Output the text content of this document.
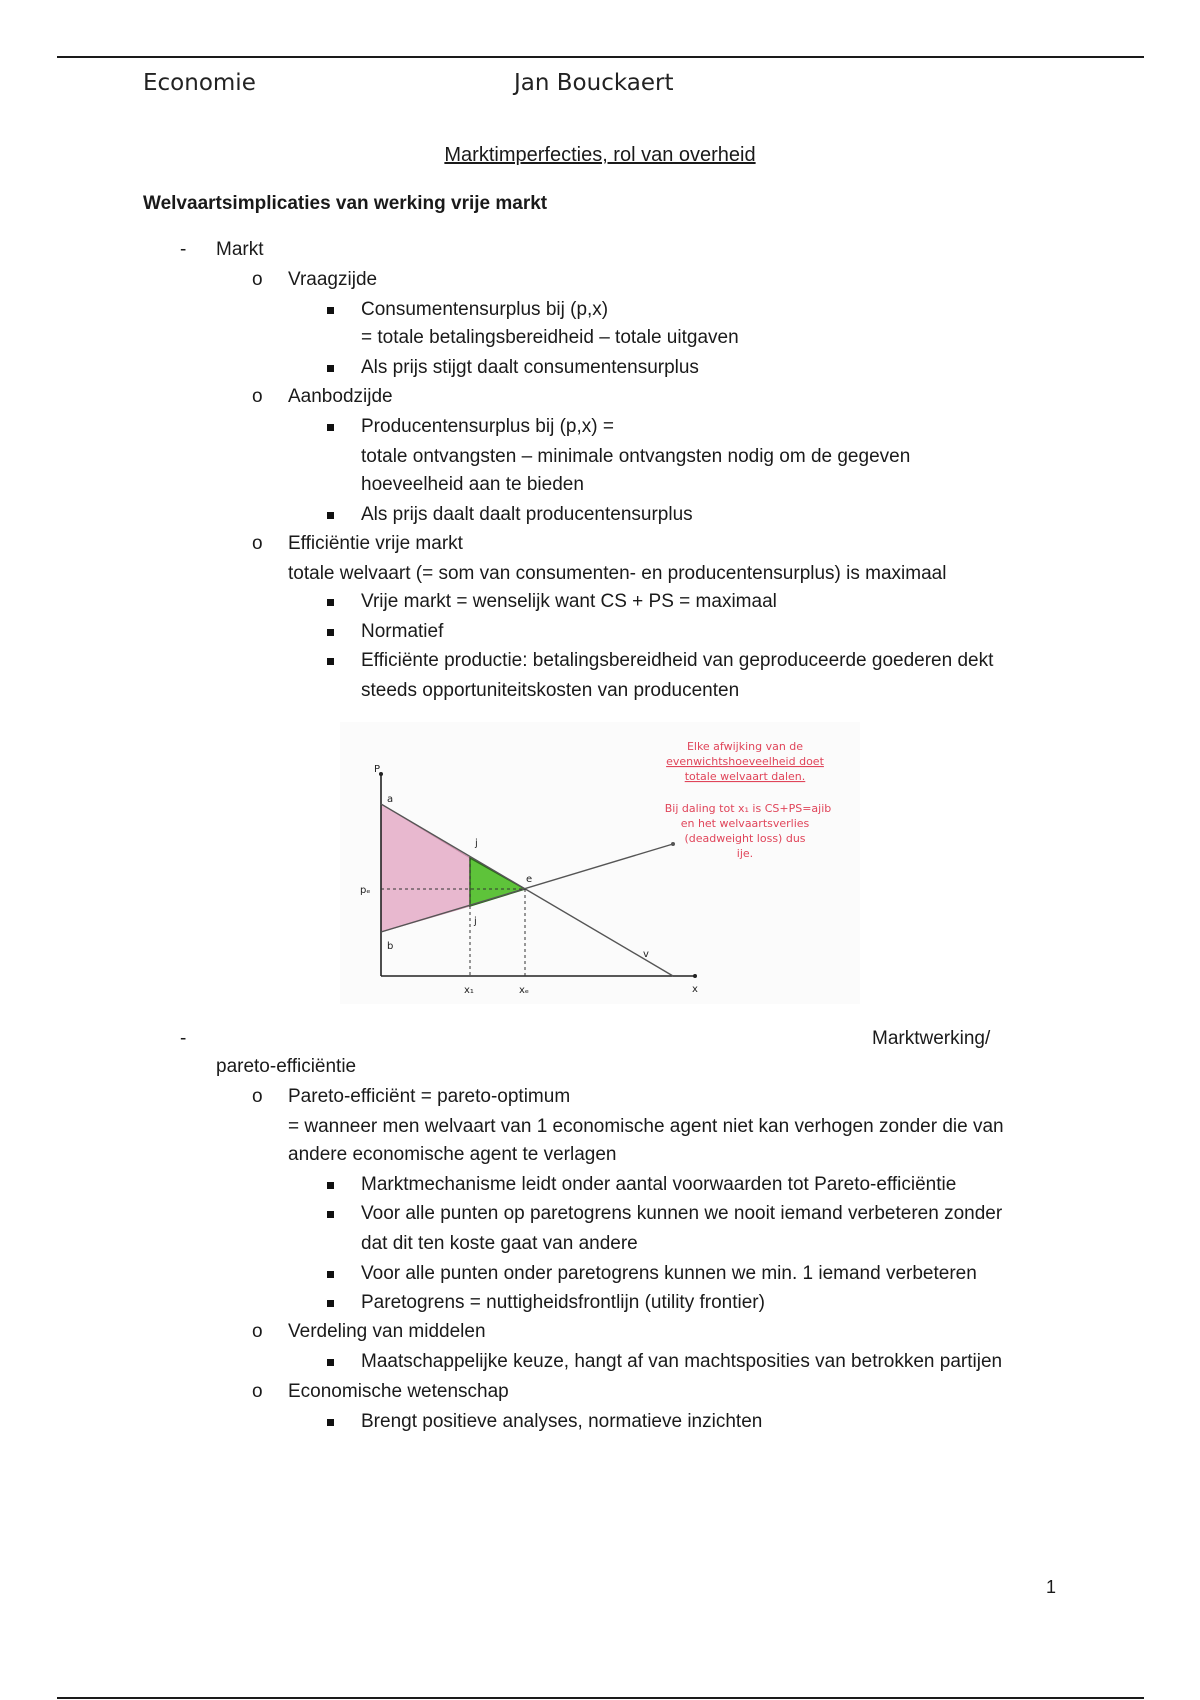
Economie	Jan Bouckaert
Marktimperfecties, rol van overheid
Welvaartsimplicaties van werking vrije markt
- Markt
o Vraagzijde
Consumentensurplus bij (p,x)
= totale betalingsbereidheid – totale uitgaven
Als prijs stijgt daalt consumentensurplus
o Aanbodzijde
Producentensurplus bij (p,x) =
totale ontvangsten – minimale ontvangsten nodig om de gegeven
hoeveelheid aan te bieden
Als prijs daalt daalt producentensurplus
o Efficiëntie vrije markt
totale welvaart (= som van consumenten- en producentensurplus) is maximaal
Vrije markt = wenselijk want CS + PS = maximaal
Normatief
Efficiënte productie: betalingsbereidheid van geproduceerde goederen dekt
steeds opportuniteitskosten van producenten
P
x
a
b
e
j
j
v
pₑ
x₁	xₑ
Elke afwijking van de
evenwichtshoeveelheid doet
totale welvaart dalen.
Bij daling tot x₁ is CS+PS=ajib
en het welvaartsverlies
(deadweight loss) dus
ije.
-	Marktwerking/
pareto-efficiëntie
o Pareto-efficiënt = pareto-optimum
= wanneer men welvaart van 1 economische agent niet kan verhogen zonder die van
andere economische agent te verlagen
Marktmechanisme leidt onder aantal voorwaarden tot Pareto-efficiëntie
Voor alle punten op paretogrens kunnen we nooit iemand verbeteren zonder
dat dit ten koste gaat van andere
Voor alle punten onder paretogrens kunnen we min. 1 iemand verbeteren
Paretogrens = nuttigheidsfrontlijn (utility frontier)
o Verdeling van middelen
Maatschappelijke keuze, hangt af van machtsposities van betrokken partijen
o Economische wetenschap
Brengt positieve analyses, normatieve inzichten
1
